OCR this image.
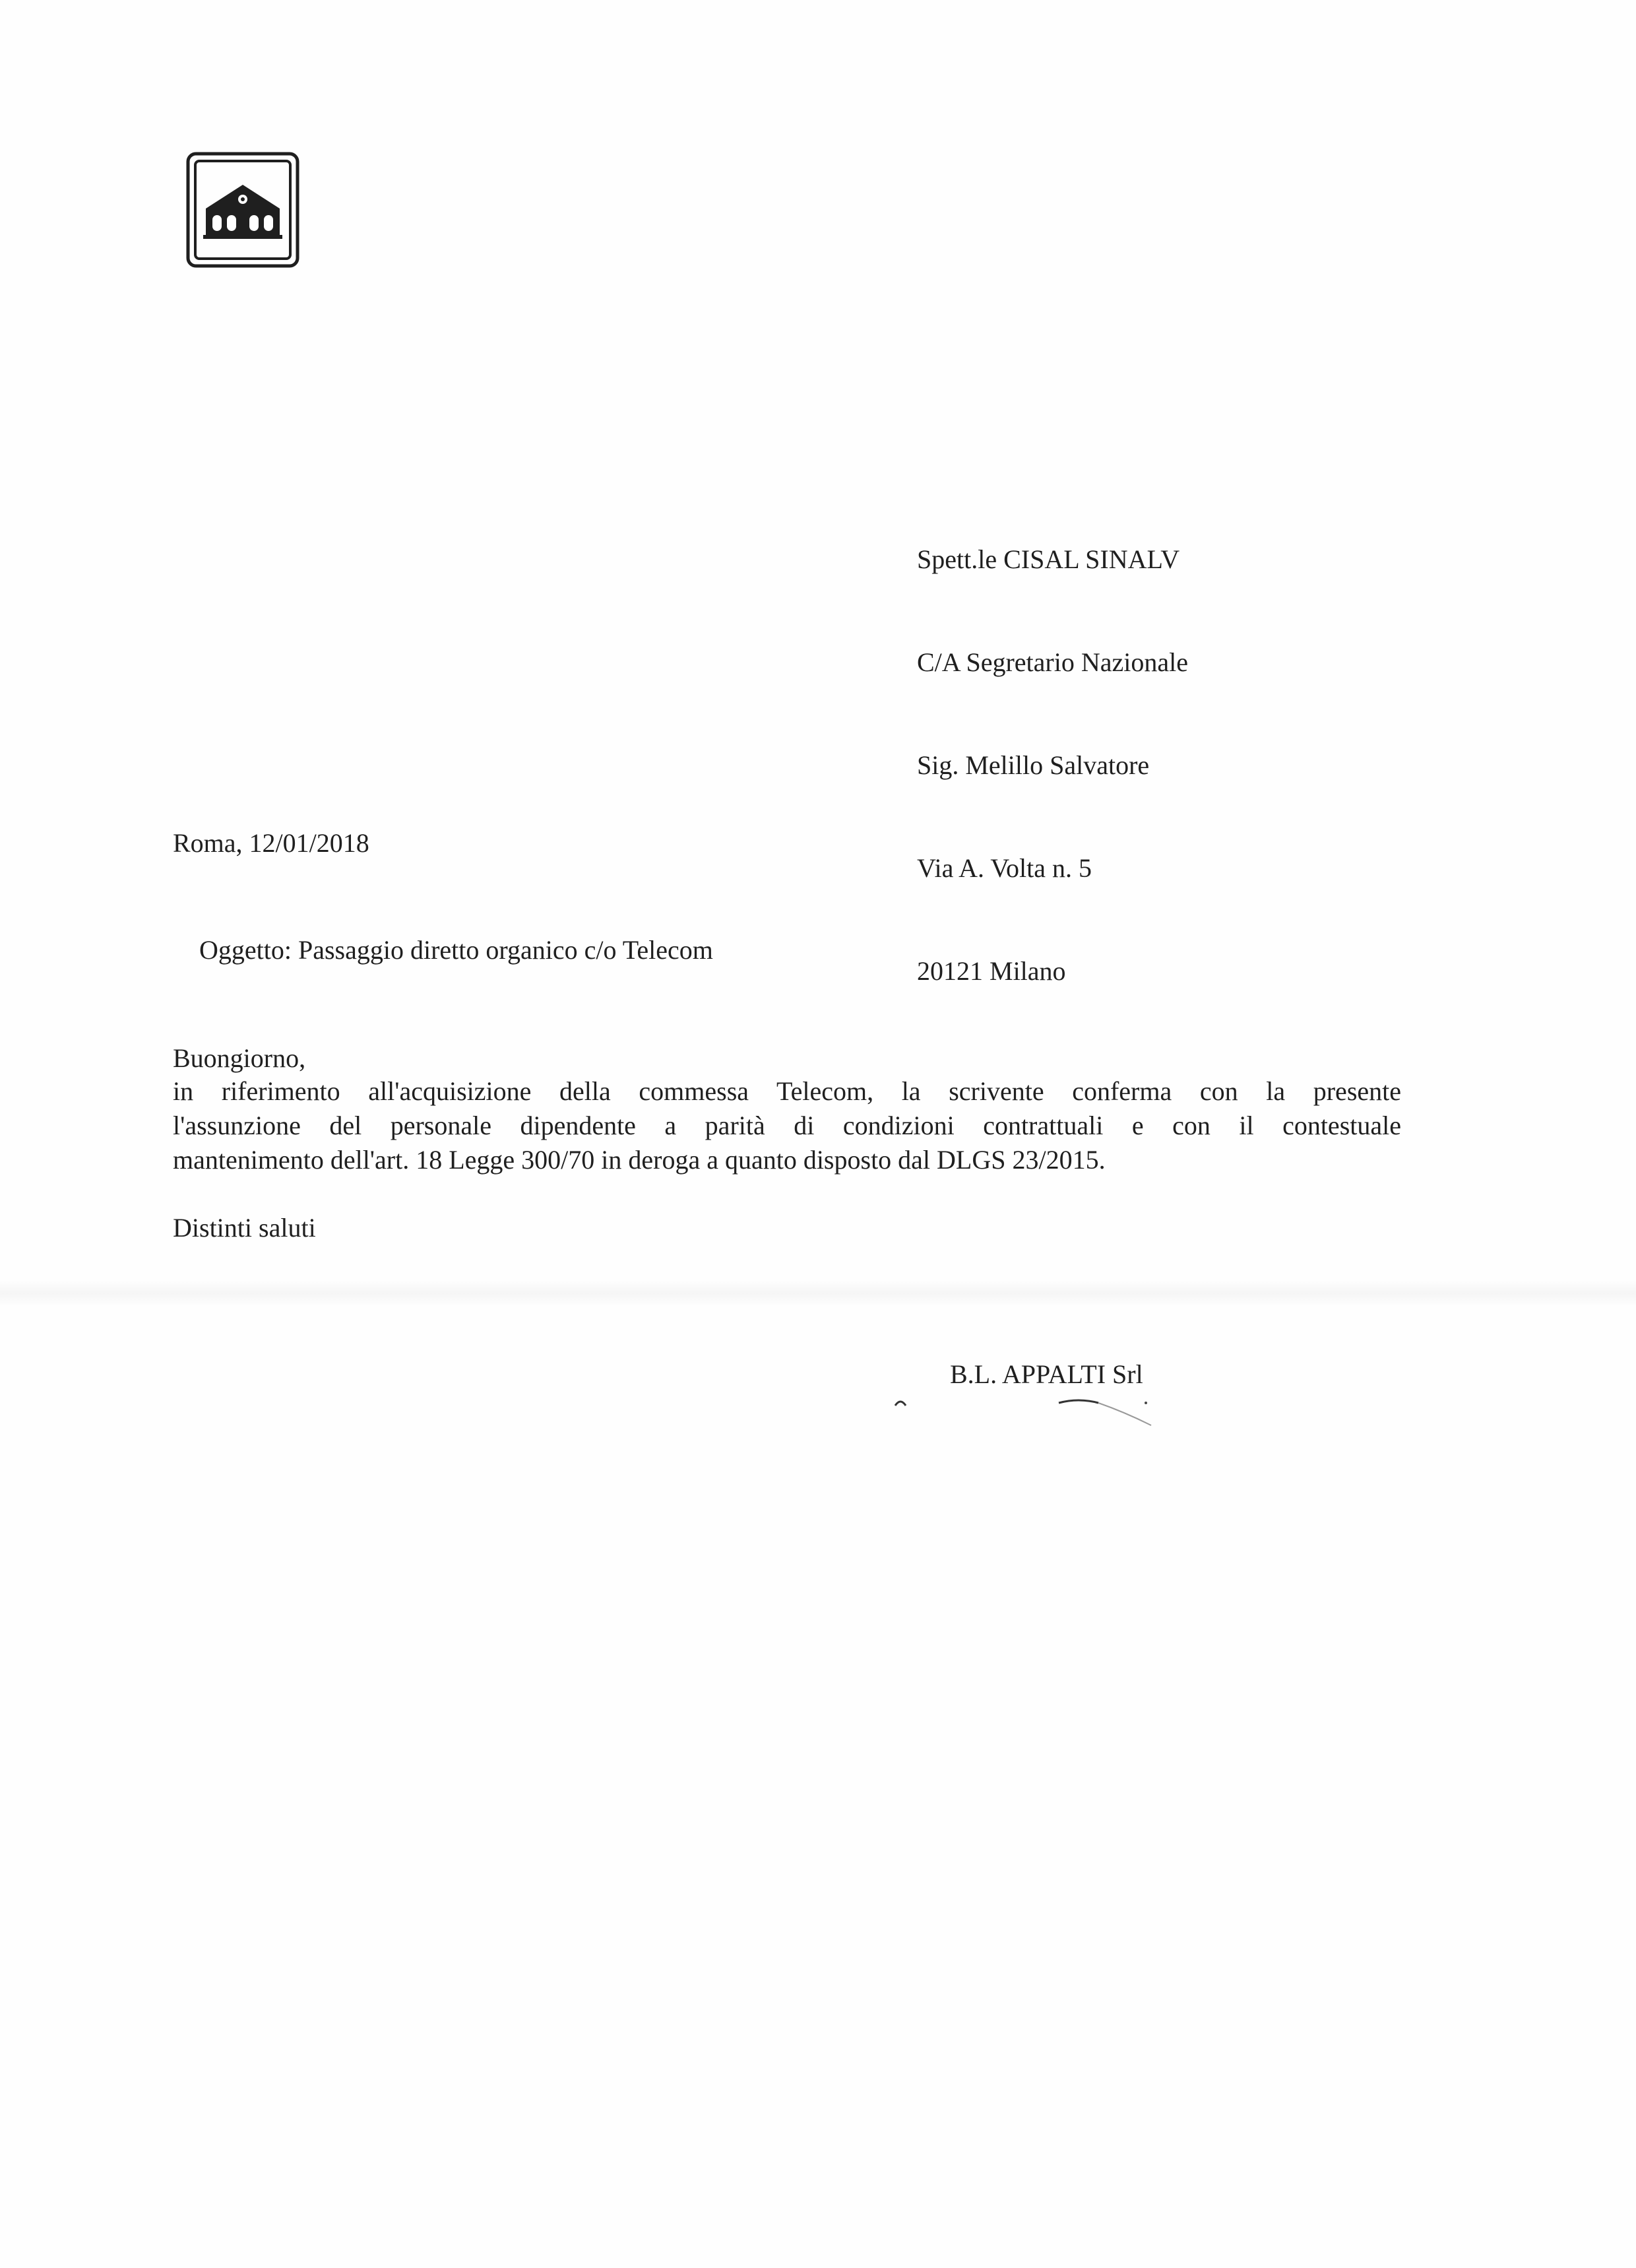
Spett.le CISAL SINALV

C/A Segretario Nazionale

Sig. Melillo Salvatore

Via A. Volta n. 5

20121 Milano

Roma, 12/01/2018

Oggetto: Passaggio diretto organico c/o Telecom

Buongiorno,
in riferimento all'acquisizione della commessa Telecom, la scrivente conferma con la presente
l'assunzione del personale dipendente a parità di condizioni contrattuali e con il contestuale
mantenimento dell'art. 18 Legge 300/70 in deroga a quanto disposto dal DLGS 23/2015.
Distinti saluti
B.L. APPALTI Srl
